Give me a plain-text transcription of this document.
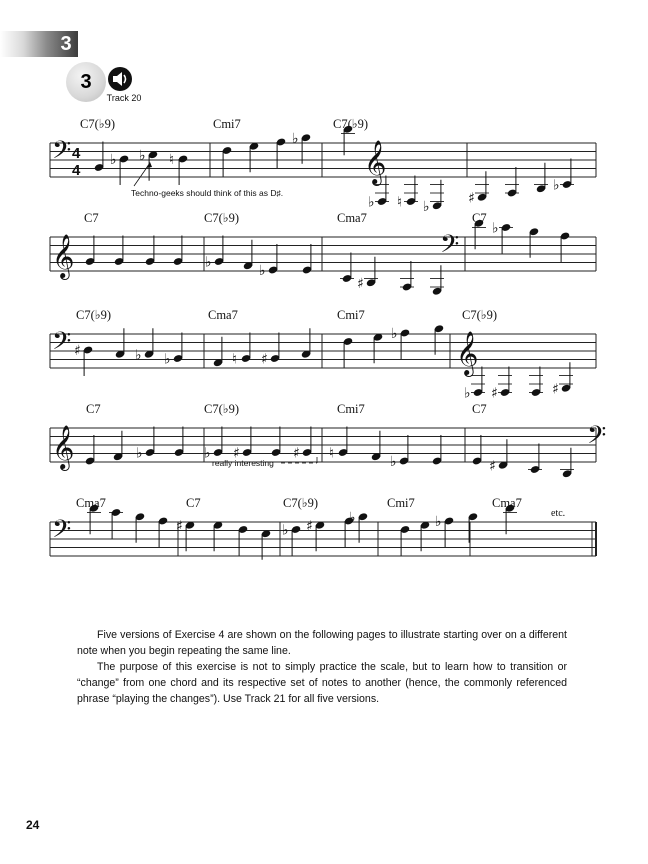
3
3
Track 20
𝄢	𝄞
4
4
C7(♭9)	Cmi7	C7(♭9)
♭ ♭ ♮
♭
♭ ♮ ♭
♯
♭
𝄞	𝄢
C7	C7(♭9)	Cma7	C7
♭
♭
♯
♭
𝄢	𝄞
C7(♭9)	Cma7	Cmi7	C7(♭9)
♯	♭ ♭	♮ ♯
♭
♭ ♯	♯
𝄞	𝄢
C7	C7(♭9)	Cmi7	C7
♭	♭ ♯	♯ ♮
♭	♯
𝄢
Cma7	C7	C7(♭9)	Cmi7	Cma7
♯	♭ ♯
♭	♭
Techno-geeks should think of this as D♯.
really interesting
etc.

Five versions of Exercise 4 are shown on the following pages to illustrate starting over on a different note when you begin repeating the same line.

The purpose of this exercise is not to simply practice the scale, but to learn how to transition or “change” from one chord and its respective set of notes to another (hence, the commonly referenced phrase “playing the changes”). Use Track 21 for all five versions.

24
